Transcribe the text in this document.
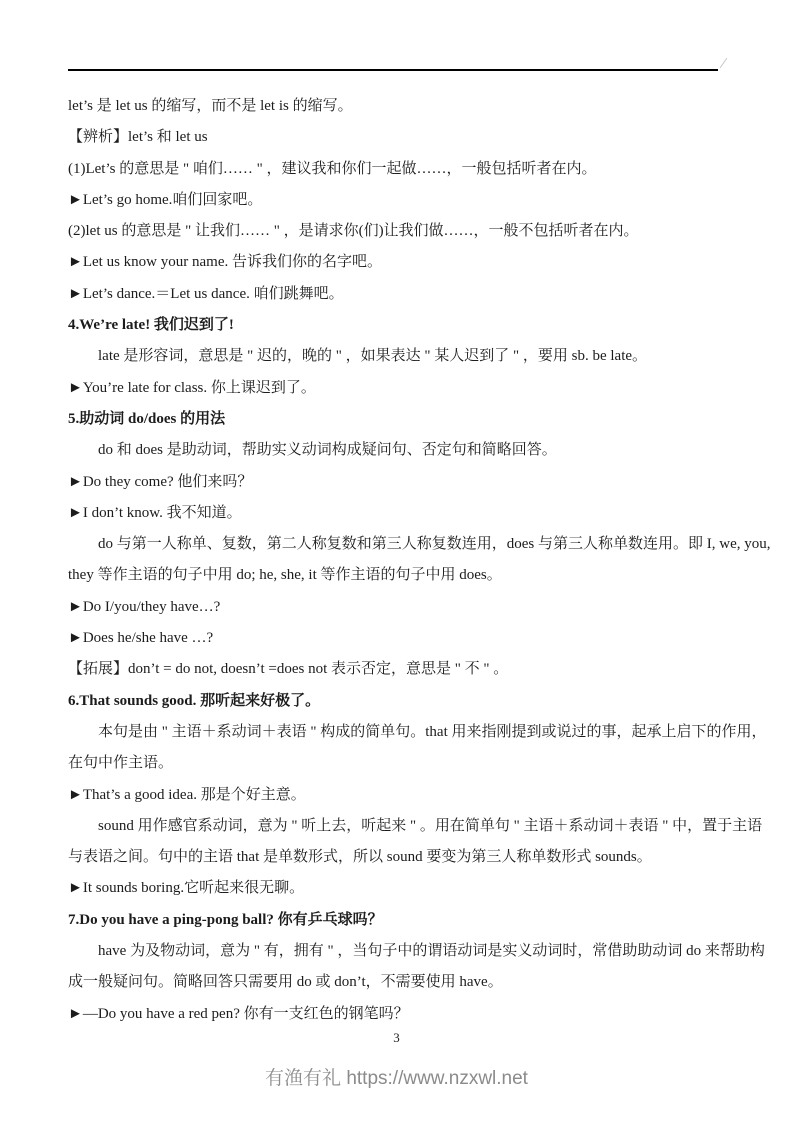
let’s 是 let us 的缩写，而不是 let is 的缩写。
【辨析】let’s 和 let us
(1)Let’s 的意思是 " 咱们…… " ，建议我和你们一起做……，一般包括听者在内。
►Let’s go home.咱们回家吧。
(2)let us 的意思是 " 让我们…… " ，是请求你(们)让我们做……，一般不包括听者在内。
►Let us know your name. 告诉我们你的名字吧。
►Let’s dance.＝Let us dance. 咱们跳舞吧。
4.We’re late! 我们迟到了!
late 是形容词，意思是 " 迟的，晚的 " ，如果表达 " 某人迟到了 " ，要用 sb. be late。
►You’re late for class. 你上课迟到了。
5.助动词 do/does 的用法
do 和 does 是助动词，帮助实义动词构成疑问句、否定句和简略回答。
►Do they come? 他们来吗？
►I don’t know. 我不知道。
do 与第一人称单、复数，第二人称复数和第三人称复数连用，does 与第三人称单数连用。即 I, we, you,
they 等作主语的句子中用 do; he, she, it 等作主语的句子中用 does。
►Do I/you/they have…?
►Does he/she have …?
【拓展】don’t = do not, doesn’t =does not 表示否定，意思是 " 不 " 。
6.That sounds good. 那听起来好极了。
本句是由 " 主语＋系动词＋表语 " 构成的简单句。that 用来指刚提到或说过的事，起承上启下的作用，
在句中作主语。
►That’s a good idea. 那是个好主意。
sound 用作感官系动词，意为 " 听上去，听起来 " 。用在简单句 " 主语＋系动词＋表语 " 中，置于主语
与表语之间。句中的主语 that 是单数形式，所以 sound 要变为第三人称单数形式 sounds。
►It sounds boring.它听起来很无聊。
7.Do you have a ping-pong ball? 你有乒乓球吗？
have 为及物动词，意为 " 有，拥有 " ，当句子中的谓语动词是实义动词时，常借助助动词 do 来帮助构
成一般疑问句。简略回答只需要用 do 或 don’t，不需要使用 have。
►—Do you have a red pen? 你有一支红色的钢笔吗？
3
有渔有礼 https://www.nzxwl.net
